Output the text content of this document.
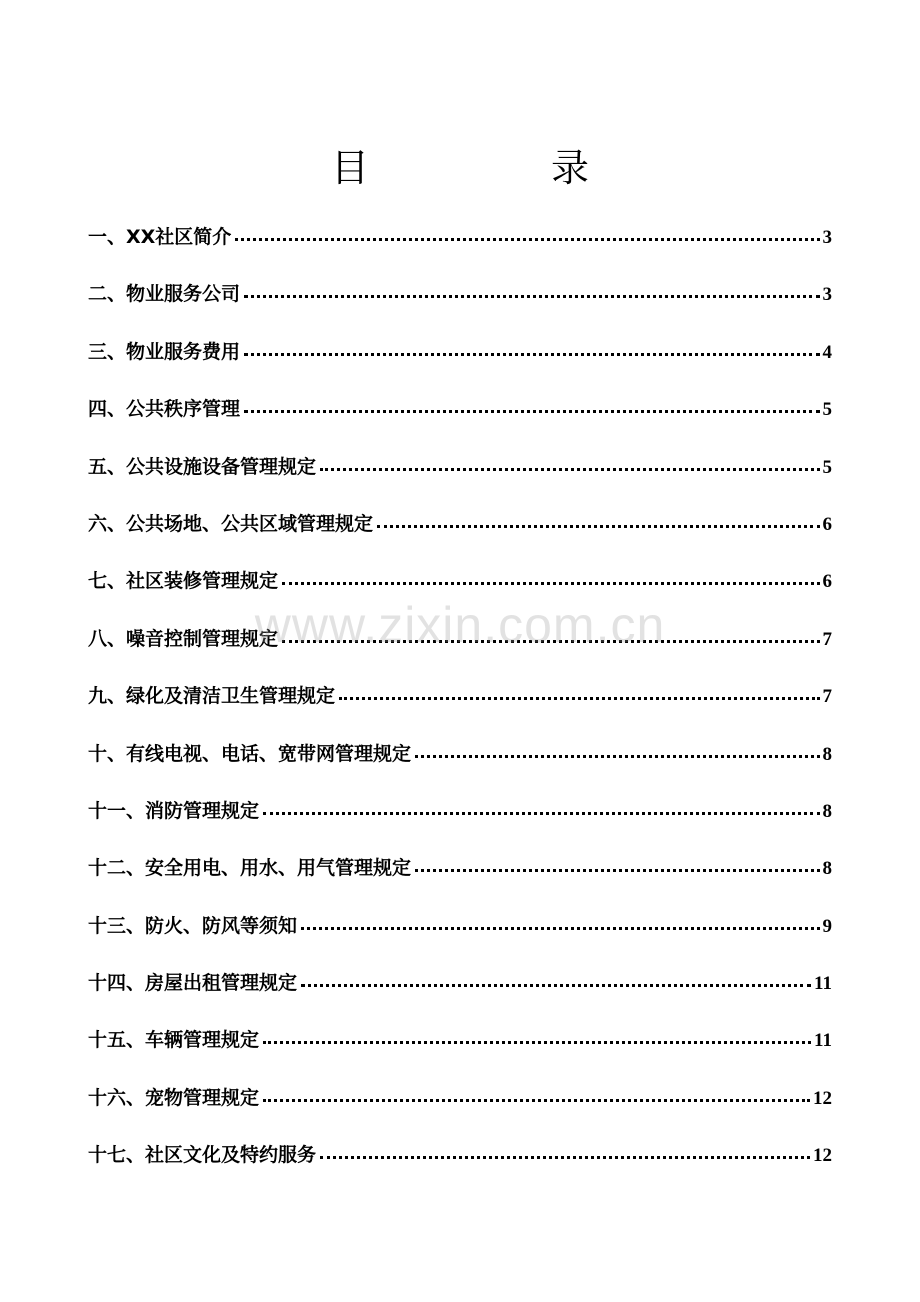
目　录
一、XX社区简介	3
二、物业服务公司	3
三、物业服务费用	4
四、公共秩序管理	5
五、公共设施设备管理规定	5
六、公共场地、公共区域管理规定	6
七、社区装修管理规定	6
八、噪音控制管理规定	7
九、绿化及清洁卫生管理规定	7
十、有线电视、电话、宽带网管理规定	8
十一、消防管理规定	8
十二、安全用电、用水、用气管理规定	8
十三、防火、防风等须知	9
十四、房屋出租管理规定	11
十五、车辆管理规定	11
十六、宠物管理规定	12
十七、社区文化及特约服务	12
www.zixin.com.cn
